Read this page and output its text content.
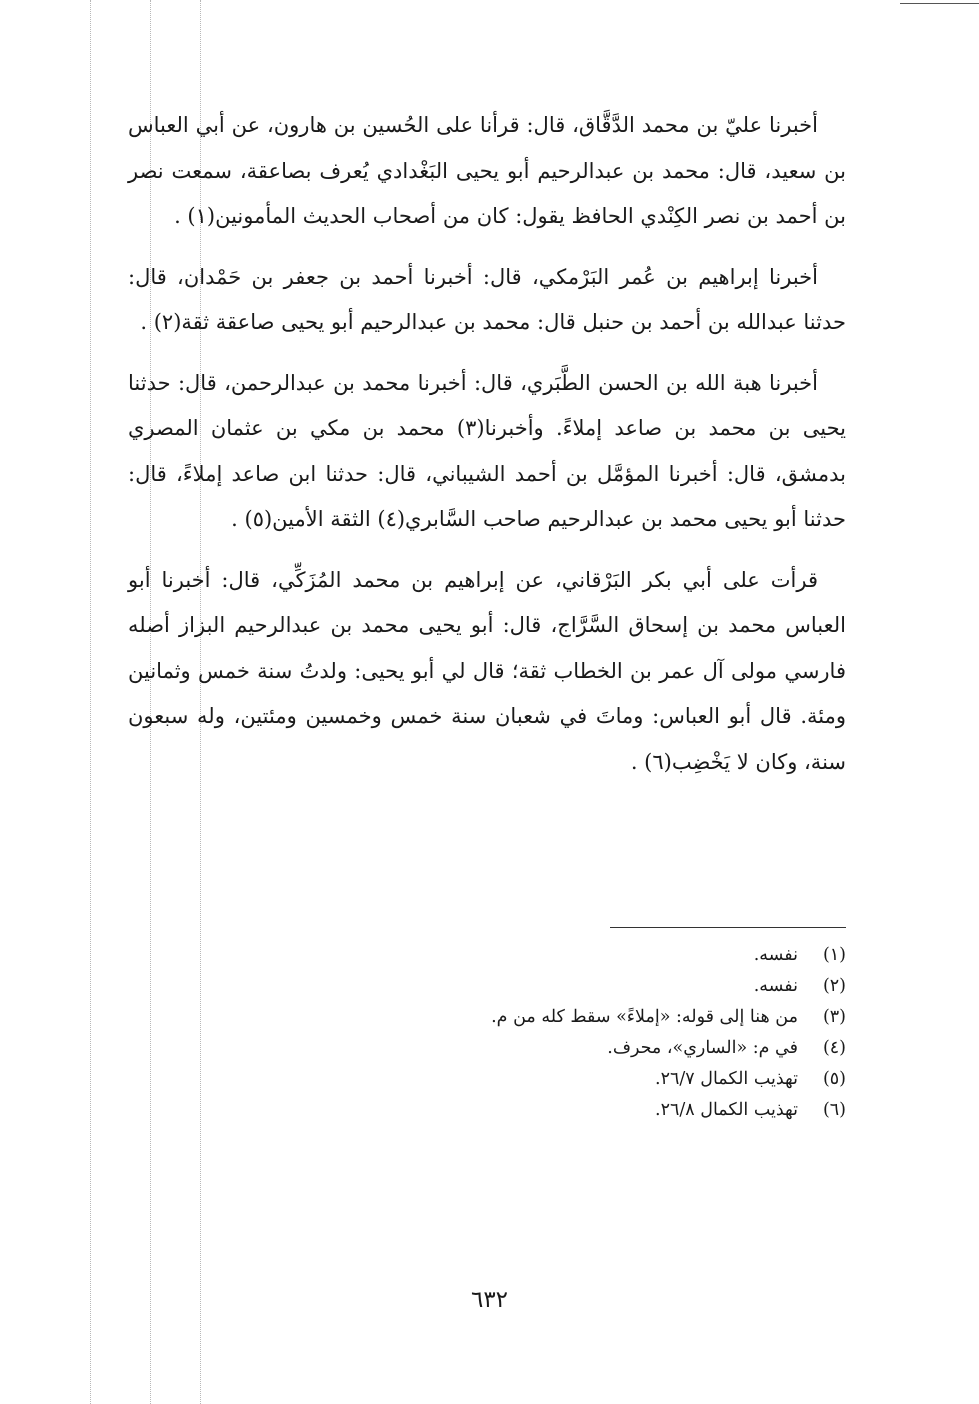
أخبرنا عليّ بن محمد الدَّقَّاق، قال: قرأنا على الحُسين بن هارون، عن أبي العباس بن سعيد، قال: محمد بن عبدالرحيم أبو يحيى البَغْدادي يُعرف بصاعقة، سمعت نصر بن أحمد بن نصر الكِنْدي الحافظ يقول: كان من أصحاب الحديث المأمونين(١) .

أخبرنا إبراهيم بن عُمر البَرْمكي، قال: أخبرنا أحمد بن جعفر بن حَمْدان، قال: حدثنا عبدالله بن أحمد بن حنبل قال: محمد بن عبدالرحيم أبو يحيى صاعقة ثقة(٢) .

أخبرنا هبة الله بن الحسن الطَّبَري، قال: أخبرنا محمد بن عبدالرحمن، قال: حدثنا يحيى بن محمد بن صاعد إملاءً. وأخبرنا(٣) محمد بن مكي بن عثمان المصري بدمشق، قال: أخبرنا المؤمَّل بن أحمد الشيباني، قال: حدثنا ابن صاعد إملاءً، قال: حدثنا أبو يحيى محمد بن عبدالرحيم صاحب السَّابري(٤) الثقة الأمين(٥) .

قرأت على أبي بكر البَرْقاني، عن إبراهيم بن محمد المُزَكِّي، قال: أخبرنا أبو العباس محمد بن إسحاق السَّرَّاج، قال: أبو يحيى محمد بن عبدالرحيم البزاز أصله فارسي مولى آل عمر بن الخطاب ثقة؛ قال لي أبو يحيى: ولدتُ سنة خمس وثمانين ومئة. قال أبو العباس: وماتَ في شعبان سنة خمس وخمسين ومئتين، وله سبعون سنة، وكان لا يَخْضِب(٦) .

(١)
نفسه.
(٢)
نفسه.
(٣)
من هنا إلى قوله: «إملاءً» سقط كله من م.
(٤)
في م: «الساري»، محرف.
(٥)
تهذيب الكمال ٢٦/٧.
(٦)
تهذيب الكمال ٢٦/٨.
٦٣٢
